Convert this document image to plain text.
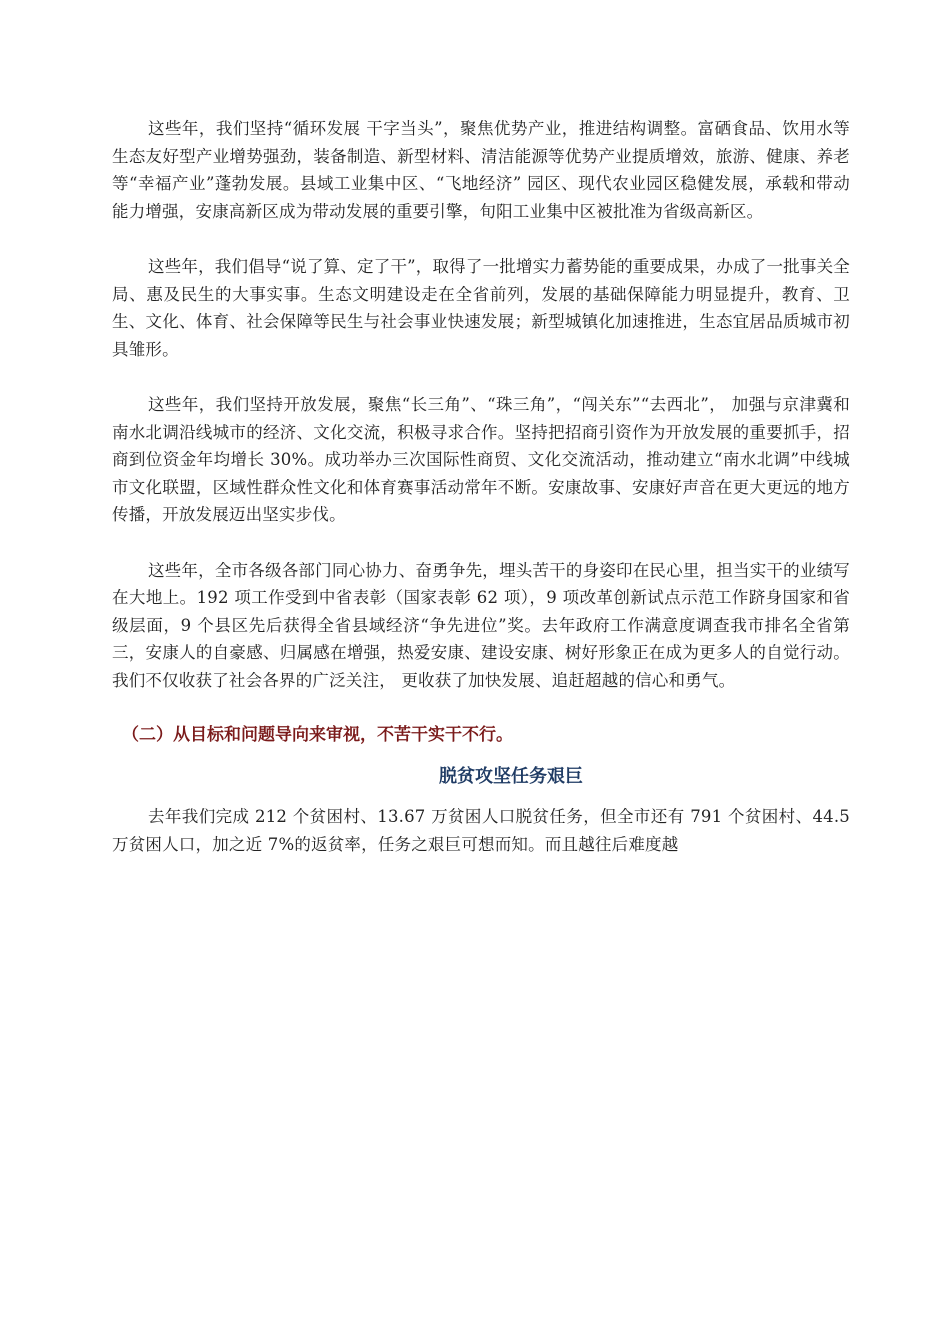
这些年，我们坚持“循环发展 干字当头”，聚焦优势产业，推进结构调整。富硒食品、饮用水等生态友好型产业增势强劲，装备制造、新型材料、清洁能源等优势产业提质增效，旅游、健康、养老等“幸福产业”蓬勃发展。县域工业集中区、“飞地经济” 园区、现代农业园区稳健发展，承载和带动能力增强，安康高新区成为带动发展的重要引擎，旬阳工业集中区被批准为省级高新区。

这些年，我们倡导“说了算、定了干”，取得了一批增实力蓄势能的重要成果，办成了一批事关全局、惠及民生的大事实事。生态文明建设走在全省前列，发展的基础保障能力明显提升，教育、卫生、文化、体育、社会保障等民生与社会事业快速发展；新型城镇化加速推进，生态宜居品质城市初具雏形。

这些年，我们坚持开放发展，聚焦“长三角”、“珠三角”，“闯关东”“去西北”， 加强与京津冀和南水北调沿线城市的经济、文化交流，积极寻求合作。坚持把招商引资作为开放发展的重要抓手，招商到位资金年均增长 30%。成功举办三次国际性商贸、文化交流活动，推动建立“南水北调”中线城市文化联盟，区域性群众性文化和体育赛事活动常年不断。安康故事、安康好声音在更大更远的地方传播，开放发展迈出坚实步伐。

这些年，全市各级各部门同心协力、奋勇争先，埋头苦干的身姿印在民心里，担当实干的业绩写在大地上。192 项工作受到中省表彰（国家表彰 62 项），9 项改革创新试点示范工作跻身国家和省级层面，9 个县区先后获得全省县域经济“争先进位”奖。去年政府工作满意度调查我市排名全省第三，安康人的自豪感、归属感在增强，热爱安康、建设安康、树好形象正在成为更多人的自觉行动。我们不仅收获了社会各界的广泛关注， 更收获了加快发展、追赶超越的信心和勇气。

（二）从目标和问题导向来审视，不苦干实干不行。
脱贫攻坚任务艰巨

去年我们完成 212 个贫困村、13.67 万贫困人口脱贫任务，但全市还有 791 个贫困村、44.5 万贫困人口，加之近 7%的返贫率，任务之艰巨可想而知。而且越往后难度越
